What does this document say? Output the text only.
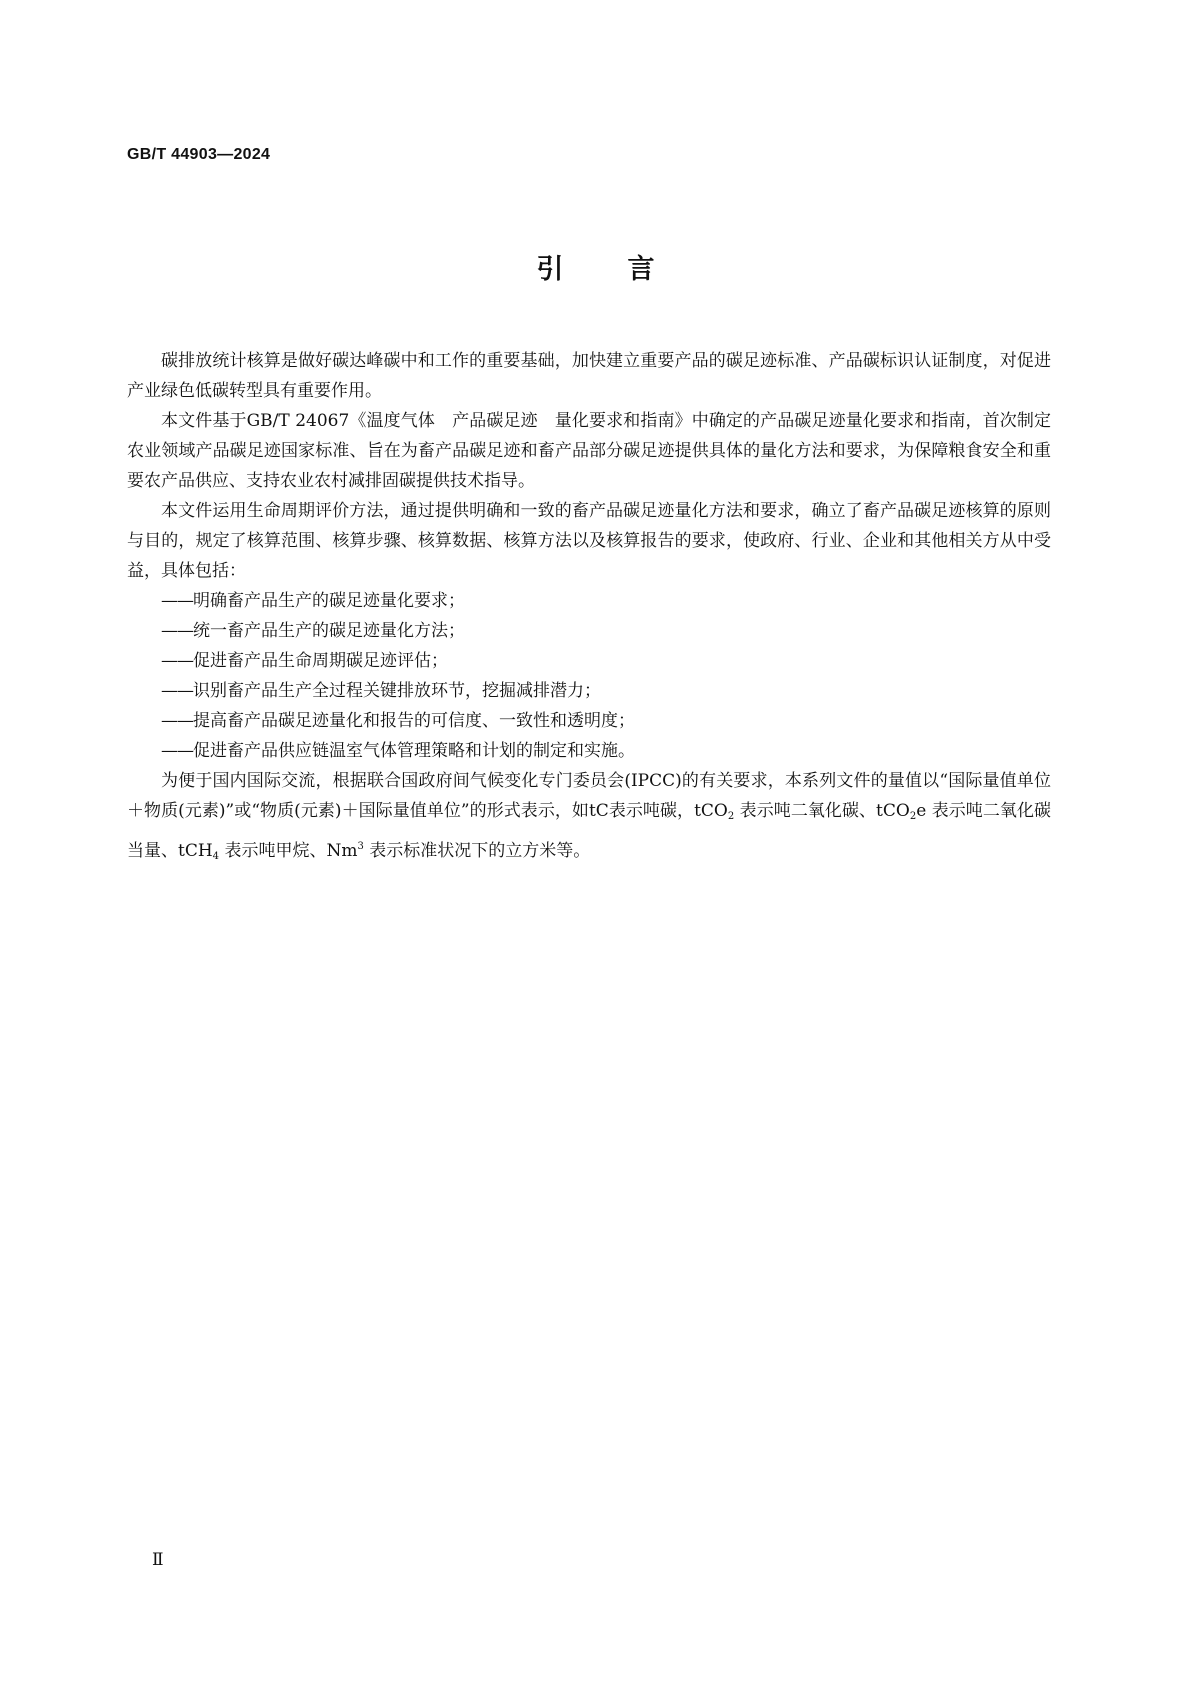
GB/T 44903—2024
引言

碳排放统计核算是做好碳达峰碳中和工作的重要基础，加快建立重要产品的碳足迹标准、产品碳标识认证制度，对促进产业绿色低碳转型具有重要作用。

本文件基于GB/T 24067《温度气体　产品碳足迹　量化要求和指南》中确定的产品碳足迹量化要求和指南，首次制定农业领域产品碳足迹国家标准、旨在为畜产品碳足迹和畜产品部分碳足迹提供具体的量化方法和要求，为保障粮食安全和重要农产品供应、支持农业农村减排固碳提供技术指导。

本文件运用生命周期评价方法，通过提供明确和一致的畜产品碳足迹量化方法和要求，确立了畜产品碳足迹核算的原则与目的，规定了核算范围、核算步骤、核算数据、核算方法以及核算报告的要求，使政府、行业、企业和其他相关方从中受益，具体包括：

——明确畜产品生产的碳足迹量化要求；
——统一畜产品生产的碳足迹量化方法；
——促进畜产品生命周期碳足迹评估；
——识别畜产品生产全过程关键排放环节，挖掘减排潜力；
——提高畜产品碳足迹量化和报告的可信度、一致性和透明度；
——促进畜产品供应链温室气体管理策略和计划的制定和实施。

为便于国内国际交流，根据联合国政府间气候变化专门委员会(IPCC)的有关要求，本系列文件的量值以“国际量值单位＋物质(元素)”或“物质(元素)＋国际量值单位”的形式表示，如tC表示吨碳，tCO$_2$ 表示吨二氧化碳、tCO$_2$e 表示吨二氧化碳当量、tCH$_4$ 表示吨甲烷、Nm$^3$ 表示标准状况下的立方米等。

Ⅱ
